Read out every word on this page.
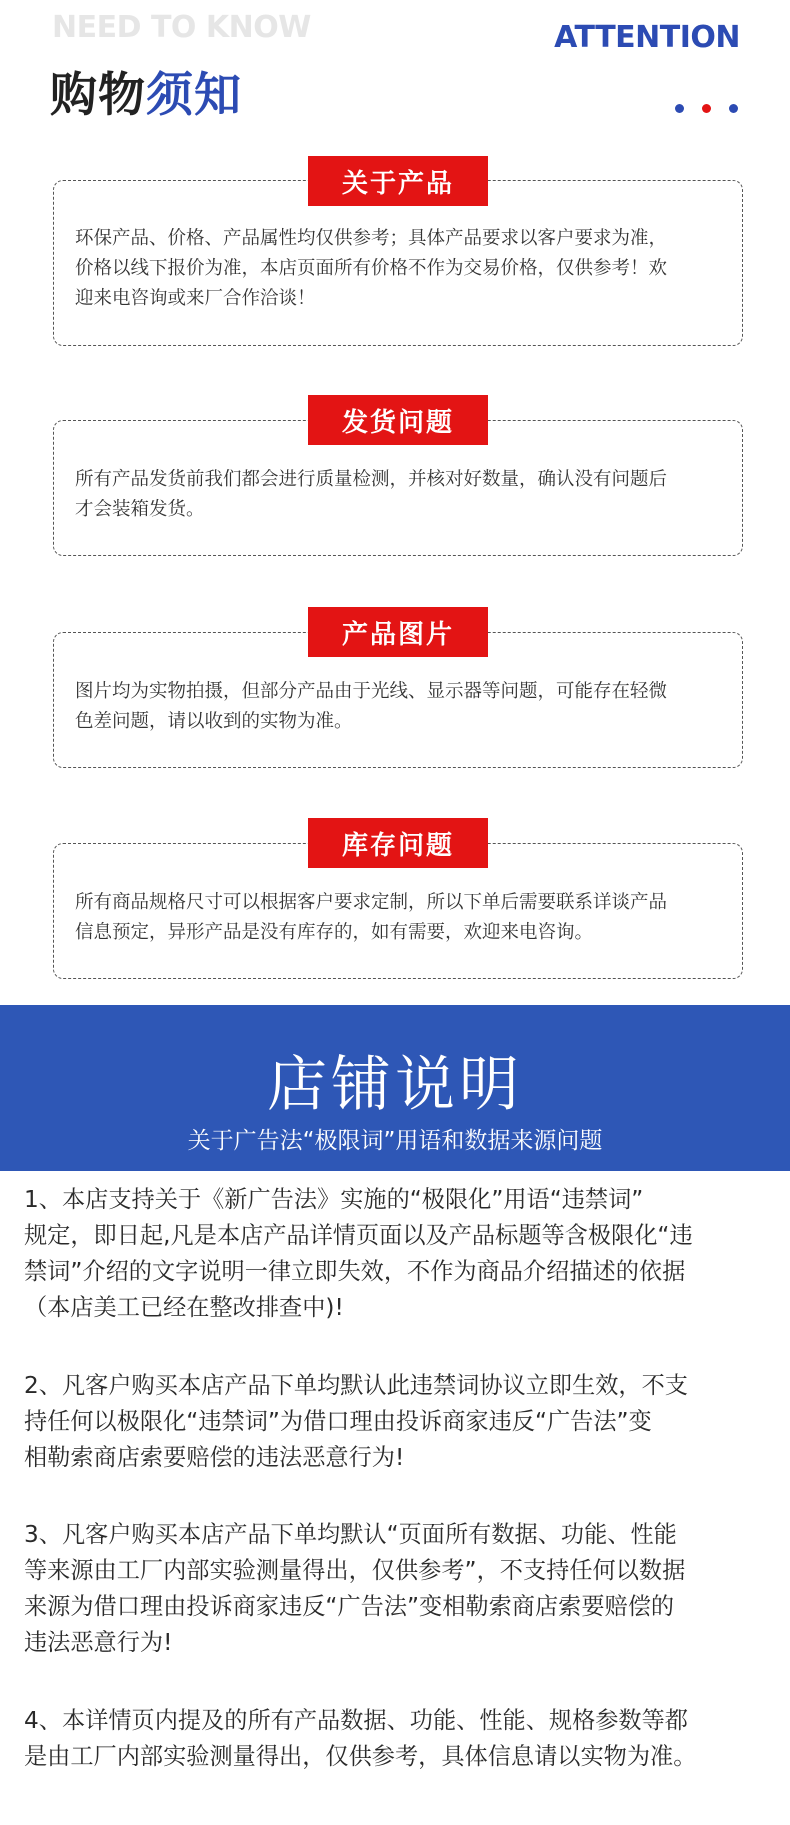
NEED TO KNOW
购物须知
ATTENTION
关于产品
环保产品、价格、产品属性均仅供参考；具体产品要求以客户要求为准，
价格以线下报价为准，本店页面所有价格不作为交易价格，仅供参考！欢
迎来电咨询或来厂合作洽谈！
发货问题
所有产品发货前我们都会进行质量检测，并核对好数量，确认没有问题后
才会装箱发货。
产品图片
图片均为实物拍摄，但部分产品由于光线、显示器等问题，可能存在轻微
色差问题，请以收到的实物为准。
库存问题
所有商品规格尺寸可以根据客户要求定制，所以下单后需要联系详谈产品
信息预定，异形产品是没有库存的，如有需要，欢迎来电咨询。
店铺说明
关于广告法“极限词”用语和数据来源问题
1、本店支持关于《新广告法》实施的“极限化”用语“违禁词”
规定，即日起,凡是本店产品详情页面以及产品标题等含极限化“违
禁词”介绍的文字说明一律立即失效，不作为商品介绍描述的依据
（本店美工已经在整改排查中)!
2、凡客户购买本店产品下单均默认此违禁词协议立即生效，不支
持任何以极限化“违禁词”为借口理由投诉商家违反“广告法”变
相勒索商店索要赔偿的违法恶意行为!
3、凡客户购买本店产品下单均默认“页面所有数据、功能、性能
等来源由工厂内部实验测量得出，仅供参考”，不支持任何以数据
来源为借口理由投诉商家违反“广告法”变相勒索商店索要赔偿的
违法恶意行为!
4、本详情页内提及的所有产品数据、功能、性能、规格参数等都
是由工厂内部实验测量得出，仅供参考，具体信息请以实物为准。
